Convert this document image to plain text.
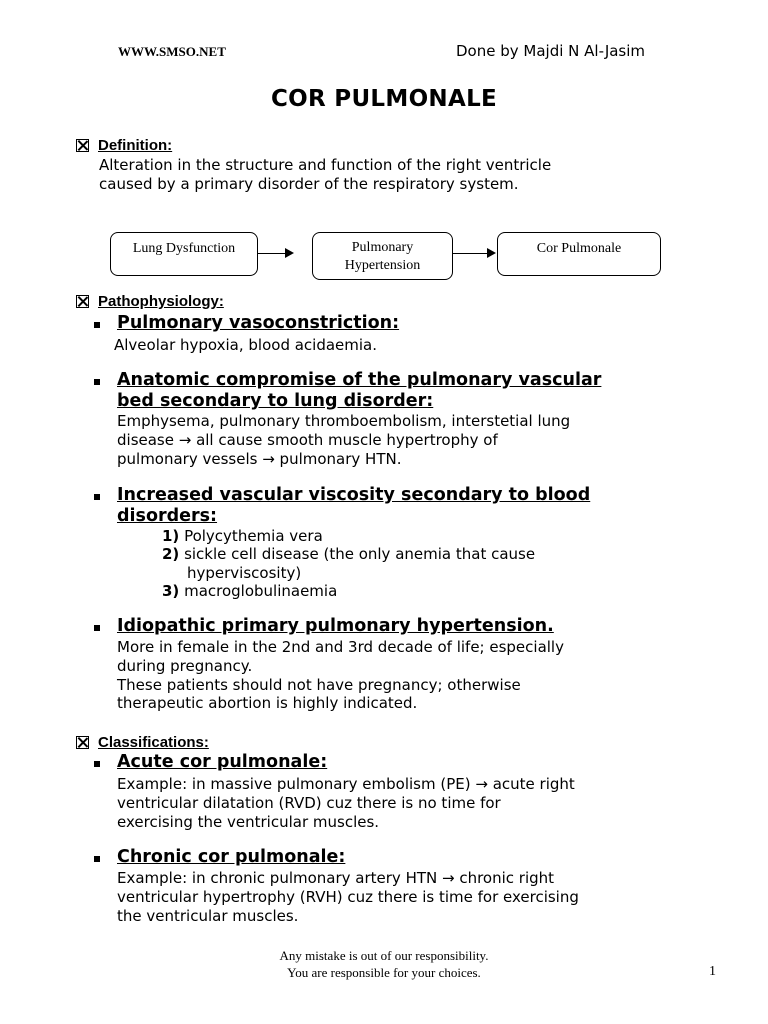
WWW.SMSO.NET	Done by Majdi N Al-Jasim
COR PULMONALE
Definition:
Alteration in the structure and function of the right ventricle
caused by a primary disorder of the respiratory system.
Lung Dysfunction	Pulmonary
Hypertension
Cor Pulmonale
Pathophysiology:
Pulmonary vasoconstriction:
Alveolar hypoxia, blood acidaemia.
Anatomic compromise of the pulmonary vascular
bed secondary to lung disorder:
Emphysema, pulmonary thromboembolism, interstetial lung
disease → all cause smooth muscle hypertrophy of
pulmonary vessels → pulmonary HTN.
Increased vascular viscosity secondary to blood
disorders:
1) Polycythemia vera
2) sickle cell disease (the only anemia that cause
hyperviscosity)
3) macroglobulinaemia
Idiopathic primary pulmonary hypertension.
More in female in the 2nd and 3rd decade of life; especially
during pregnancy.
These patients should not have pregnancy; otherwise
therapeutic abortion is highly indicated.
Classifications:
Acute cor pulmonale:
Example: in massive pulmonary embolism (PE) → acute right
ventricular dilatation (RVD) cuz there is no time for
exercising the ventricular muscles.
Chronic cor pulmonale:
Example: in chronic pulmonary artery HTN → chronic right
ventricular hypertrophy (RVH) cuz there is time for exercising
the ventricular muscles.
Any mistake is out of our responsibility.
You are responsible for your choices.	1
